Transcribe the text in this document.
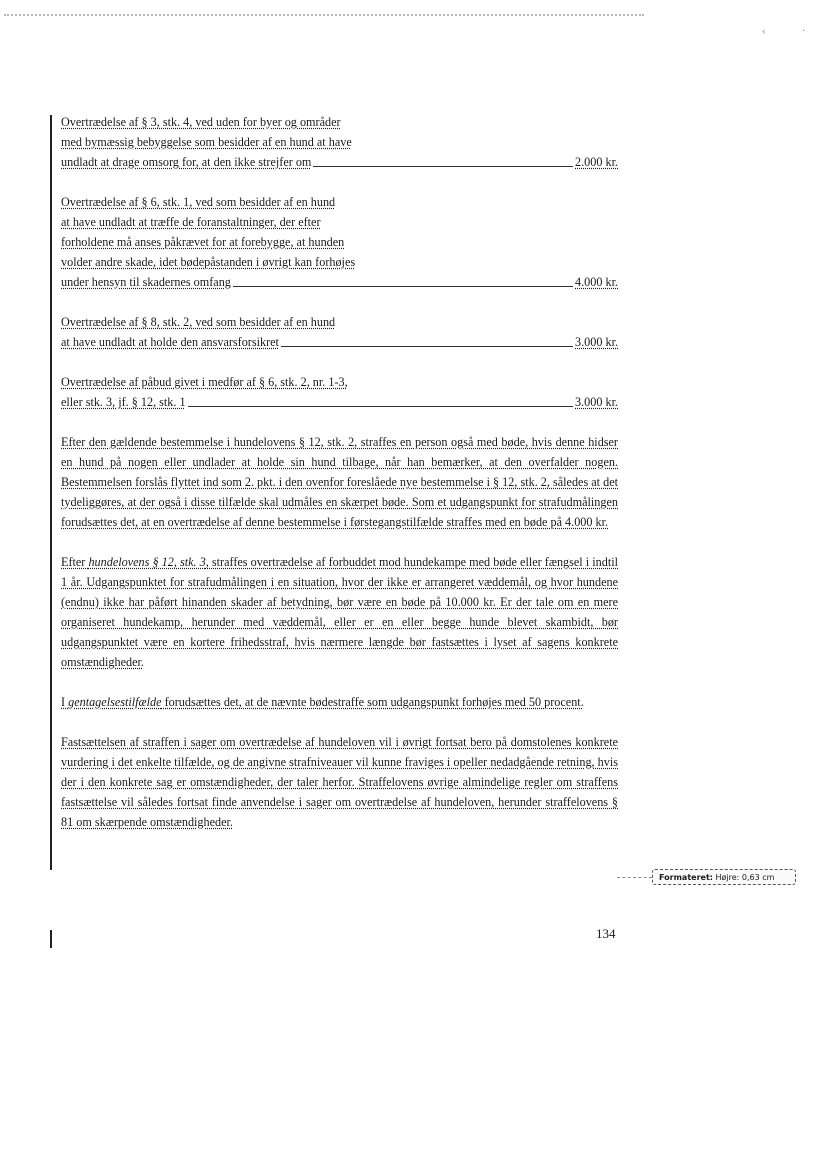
‹	·
Overtrædelse af § 3, stk. 4, ved uden for byer og områder
med bymæssig bebyggelse som besidder af en hund at have
undladt at drage omsorg for, at den ikke strejfer om	2.000 kr.
Overtrædelse af § 6, stk. 1, ved som besidder af en hund
at have undladt at træffe de foranstaltninger, der efter
forholdene må anses påkrævet for at forebygge, at hunden
volder andre skade, idet bødepåstanden i øvrigt kan forhøjes
under hensyn til skadernes omfang	4.000 kr.
Overtrædelse af § 8, stk. 2, ved som besidder af en hund
at have undladt at holde den ansvarsforsikret	3.000 kr.
Overtrædelse af påbud givet i medfør af § 6, stk. 2, nr. 1-3,
eller stk. 3, jf. § 12, stk. 1	3.000 kr.

Efter den gældende bestemmelse i hundelovens § 12, stk. 2, straffes en person også med bøde, hvis denne hidser en hund på nogen eller undlader at holde sin hund tilbage, når han bemærker, at den overfalder nogen. Bestemmelsen forslås flyttet ind som 2. pkt. i den ovenfor foreslåede nye bestemmelse i § 12, stk. 2, således at det tydeliggøres, at der også i disse tilfælde skal udmåles en skærpet bøde. Som et udgangspunkt for strafudmålingen forudsættes det, at en overtrædelse af denne bestemmelse i førstegangstilfælde straffes med en bøde på 4.000 kr.

Efter hundelovens § 12, stk. 3, straffes overtrædelse af forbuddet mod hundekampe med bøde eller fængsel i indtil 1 år. Udgangspunktet for strafudmålingen i en situation, hvor der ikke er arrangeret væddemål, og hvor hundene (endnu) ikke har påført hinanden skader af betydning, bør være en bøde på 10.000 kr. Er der tale om en mere organiseret hundekamp, herunder med væddemål, eller er en eller begge hunde blevet skambidt, bør udgangspunktet være en kortere frihedsstraf, hvis nærmere længde bør fastsættes i lyset af sagens konkrete omstændigheder.

I gentagelsestilfælde forudsættes det, at de nævnte bødestraffe som udgangspunkt forhøjes med 50 procent.

Fastsættelsen af straffen i sager om overtrædelse af hundeloven vil i øvrigt fortsat bero på domstolenes konkrete vurdering i det enkelte tilfælde, og de angivne strafniveauer vil kunne fraviges i opeller nedadgående retning, hvis der i den konkrete sag er omstændigheder, der taler herfor. Straffelovens øvrige almindelige regler om straffens fastsættelse vil således fortsat finde anvendelse i sager om overtrædelse af hundeloven, herunder straffelovens § 81 om skærpende omstændigheder.

Formateret: Højre: 0,63 cm
134
